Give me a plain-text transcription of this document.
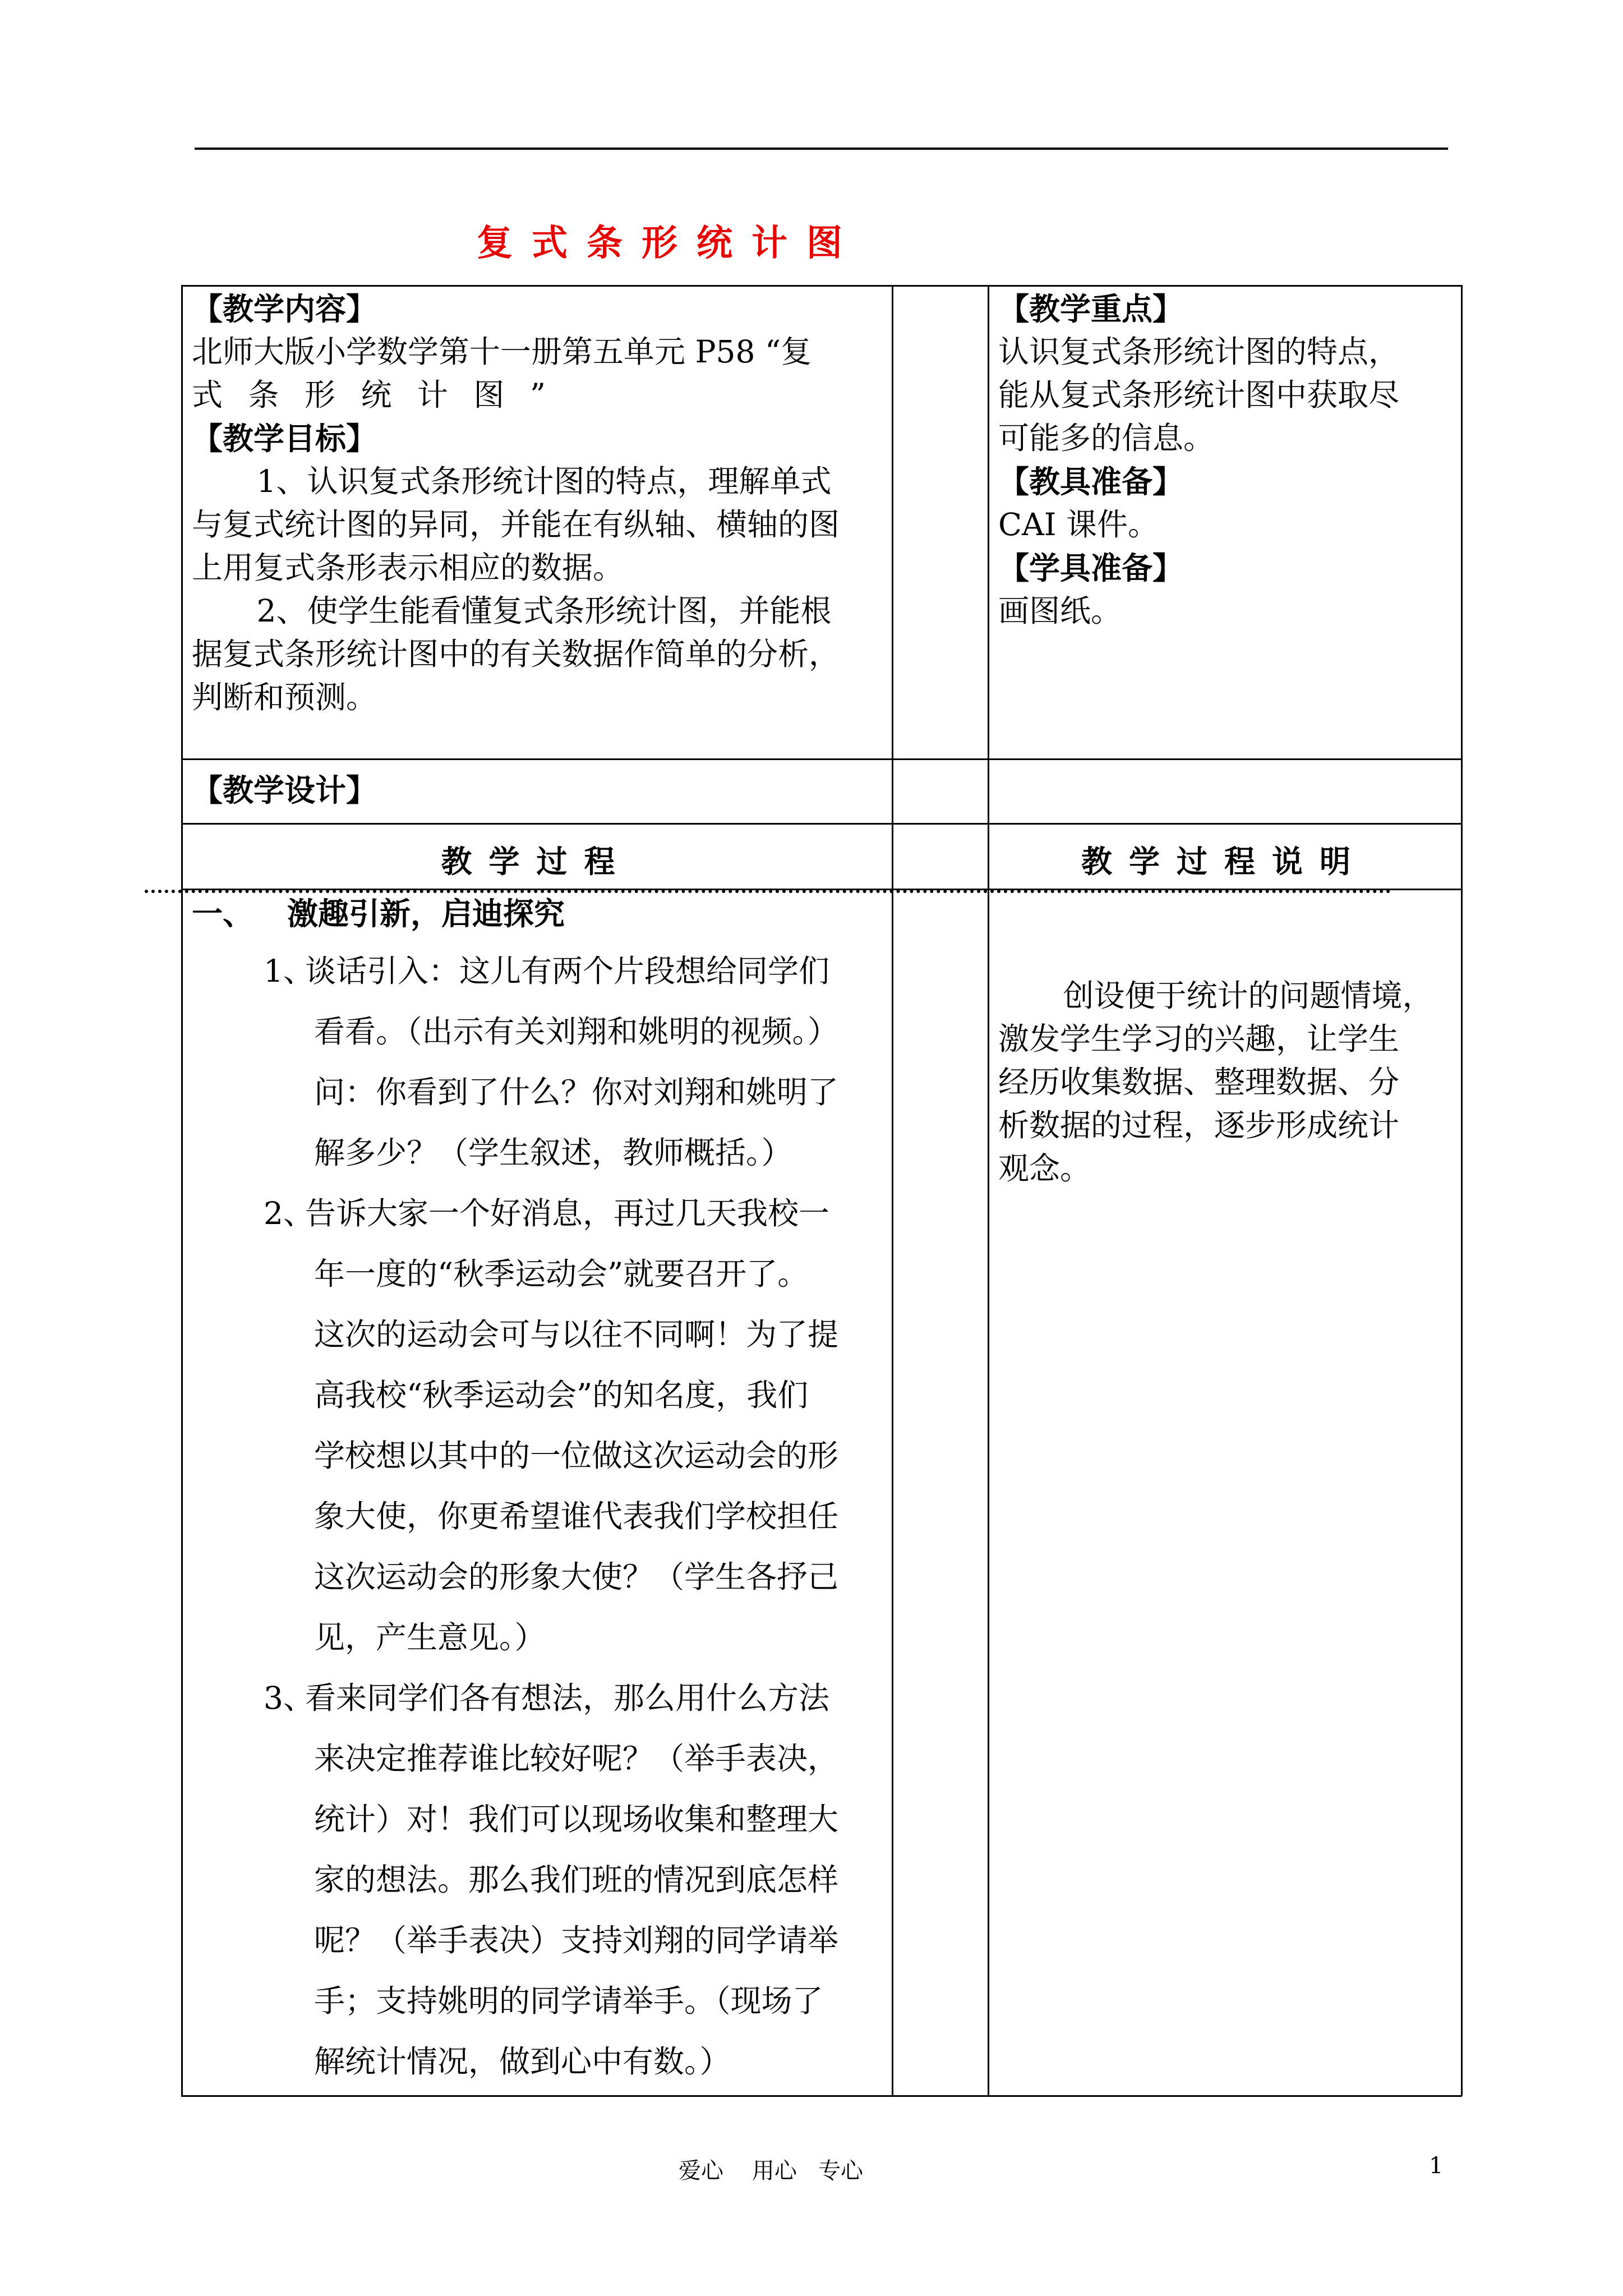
复式条形统计图

【教学内容】

北师大版小学数学第十一册第五单元 P58 “复

式 条 形 统 计 图 ”

【教学目标】

1、认识复式条形统计图的特点，理解单式

与复式统计图的异同，并能在有纵轴、横轴的图

上用复式条形表示相应的数据。

2、使学生能看懂复式条形统计图，并能根

据复式条形统计图中的有关数据作简单的分析，

判断和预测。

【教学重点】

认识复式条形统计图的特点，

能从复式条形统计图中获取尽

可能多的信息。

【教具准备】

CAI 课件。

【学具准备】

画图纸。

【教学设计】

教学过程	教学过程说明

一、 激趣引新，启迪探究

1、

谈话引入：这儿有两个片段想给同学们

看看。（出示有关刘翔和姚明的视频。）

问：你看到了什么？你对刘翔和姚明了

解多少？（学生叙述，教师概括。）

2、

告诉大家一个好消息，再过几天我校一

年一度的“秋季运动会”就要召开了。

这次的运动会可与以往不同啊！为了提

高我校“秋季运动会”的知名度，我们

学校想以其中的一位做这次运动会的形

象大使，你更希望谁代表我们学校担任

这次运动会的形象大使？（学生各抒己

见，产生意见。）

3、

看来同学们各有想法，那么用什么方法

来决定推荐谁比较好呢？（举手表决，

统计）对！我们可以现场收集和整理大

家的想法。那么我们班的情况到底怎样

呢？（举手表决）支持刘翔的同学请举

手；支持姚明的同学请举手。（现场了

解统计情况，做到心中有数。）

创设便于统计的问题情境，

激发学生学习的兴趣，让学生

经历收集数据、整理数据、分

析数据的过程，逐步形成统计

观念。

爱心    用心   专心	1
